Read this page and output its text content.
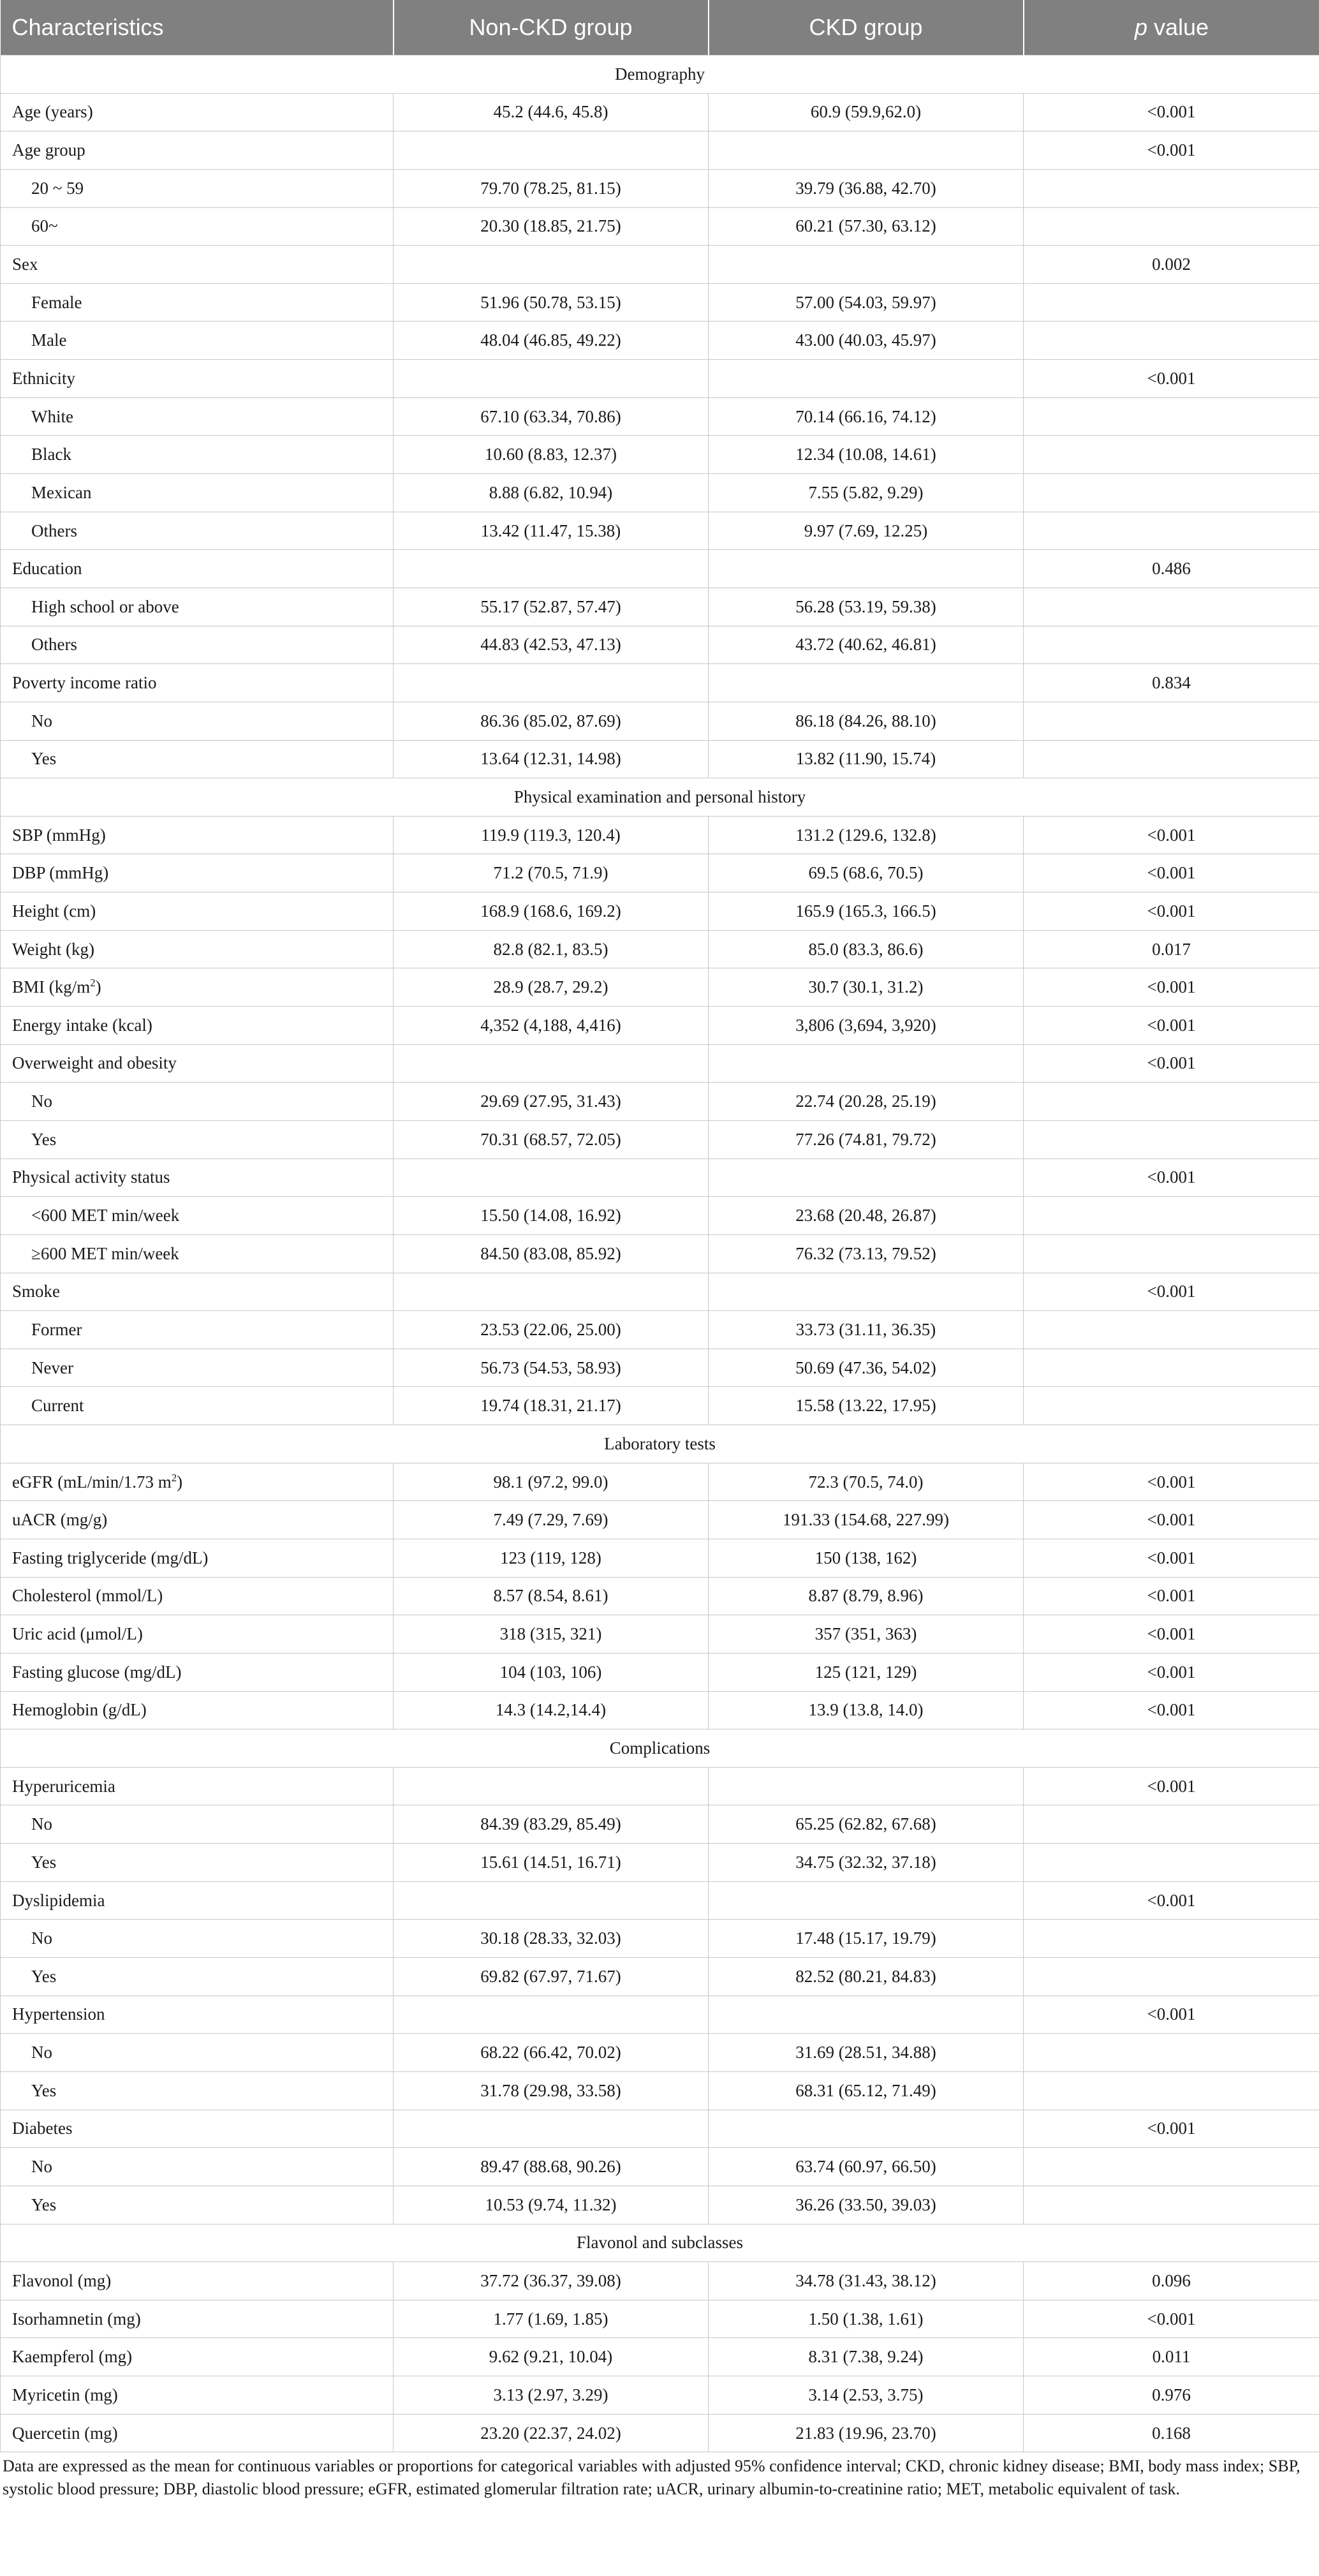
Characteristics	Non-CKD group	CKD group	p value
Demography			
Age (years)	45.2 (44.6, 45.8)	60.9 (59.9,62.0)	<0.001
Age group			<0.001
20 ~ 59	79.70 (78.25, 81.15)	39.79 (36.88, 42.70)	
60~	20.30 (18.85, 21.75)	60.21 (57.30, 63.12)	
Sex			0.002
Female	51.96 (50.78, 53.15)	57.00 (54.03, 59.97)	
Male	48.04 (46.85, 49.22)	43.00 (40.03, 45.97)	
Ethnicity			<0.001
White	67.10 (63.34, 70.86)	70.14 (66.16, 74.12)	
Black	10.60 (8.83, 12.37)	12.34 (10.08, 14.61)	
Mexican	8.88 (6.82, 10.94)	7.55 (5.82, 9.29)	
Others	13.42 (11.47, 15.38)	9.97 (7.69, 12.25)	
Education			0.486
High school or above	55.17 (52.87, 57.47)	56.28 (53.19, 59.38)	
Others	44.83 (42.53, 47.13)	43.72 (40.62, 46.81)	
Poverty income ratio			0.834
No	86.36 (85.02, 87.69)	86.18 (84.26, 88.10)	
Yes	13.64 (12.31, 14.98)	13.82 (11.90, 15.74)	
Physical examination and personal history			
SBP (mmHg)	119.9 (119.3, 120.4)	131.2 (129.6, 132.8)	<0.001
DBP (mmHg)	71.2 (70.5, 71.9)	69.5 (68.6, 70.5)	<0.001
Height (cm)	168.9 (168.6, 169.2)	165.9 (165.3, 166.5)	<0.001
Weight (kg)	82.8 (82.1, 83.5)	85.0 (83.3, 86.6)	0.017
BMI $(kg/m^2)$	28.9 (28.7, 29.2)	30.7 (30.1, 31.2)	<0.001
Energy intake (kcal)	4,352 (4,188, 4,416)	3,806 (3,694, 3,920)	<0.001
Overweight and obesity			<0.001
No	29.69 (27.95, 31.43)	22.74 (20.28, 25.19)	
Yes	70.31 (68.57, 72.05)	77.26 (74.81, 79.72)	
Physical activity status			<0.001
<600 MET min/week	15.50 (14.08, 16.92)	23.68 (20.48, 26.87)	
≥600 MET min/week	84.50 (83.08, 85.92)	76.32 (73.13, 79.52)	
Smoke			<0.001
Former	23.53 (22.06, 25.00)	33.73 (31.11, 36.35)	
Never	56.73 (54.53, 58.93)	50.69 (47.36, 54.02)	
Current	19.74 (18.31, 21.17)	15.58 (13.22, 17.95)	
Laboratory tests			
eGFR (mL/min/1.73 $m^2$)	98.1 (97.2, 99.0)	72.3 (70.5, 74.0)	<0.001
uACR (mg/g)	7.49 (7.29, 7.69)	191.33 (154.68, 227.99)	<0.001
Fasting triglyceride (mg/dL)	123 (119, 128)	150 (138, 162)	<0.001
Cholesterol (mmol/L)	8.57 (8.54, 8.61)	8.87 (8.79, 8.96)	<0.001
Uric acid (μmol/L)	318 (315, 321)	357 (351, 363)	<0.001
Fasting glucose (mg/dL)	104 (103, 106)	125 (121, 129)	<0.001
Hemoglobin (g/dL)	14.3 (14.2,14.4)	13.9 (13.8, 14.0)	<0.001
Complications			
Hyperuricemia			<0.001
No	84.39 (83.29, 85.49)	65.25 (62.82, 67.68)	
Yes	15.61 (14.51, 16.71)	34.75 (32.32, 37.18)	
Dyslipidemia			<0.001
No	30.18 (28.33, 32.03)	17.48 (15.17, 19.79)	
Yes	69.82 (67.97, 71.67)	82.52 (80.21, 84.83)	
Hypertension			<0.001
No	68.22 (66.42, 70.02)	31.69 (28.51, 34.88)	
Yes	31.78 (29.98, 33.58)	68.31 (65.12, 71.49)	
Diabetes			<0.001
No	89.47 (88.68, 90.26)	63.74 (60.97, 66.50)	
Yes	10.53 (9.74, 11.32)	36.26 (33.50, 39.03)	
Flavonol and subclasses			
Flavonol (mg)	37.72 (36.37, 39.08)	34.78 (31.43, 38.12)	0.096
Isorhamnetin (mg)	1.77 (1.69, 1.85)	1.50 (1.38, 1.61)	<0.001
Kaempferol (mg)	9.62 (9.21, 10.04)	8.31 (7.38, 9.24)	0.011
Myricetin (mg)	3.13 (2.97, 3.29)	3.14 (2.53, 3.75)	0.976
Quercetin (mg)	23.20 (22.37, 24.02)	21.83 (19.96, 23.70)	0.168

Data are expressed as the mean for continuous variables or proportions for categorical variables with adjusted 95% confidence interval; CKD, chronic kidney disease; BMI, body mass index; SBP, systolic blood pressure; DBP, diastolic blood pressure; eGFR, estimated glomerular filtration rate; uACR, urinary albumin-to-creatinine ratio; MET, metabolic equivalent of task.
